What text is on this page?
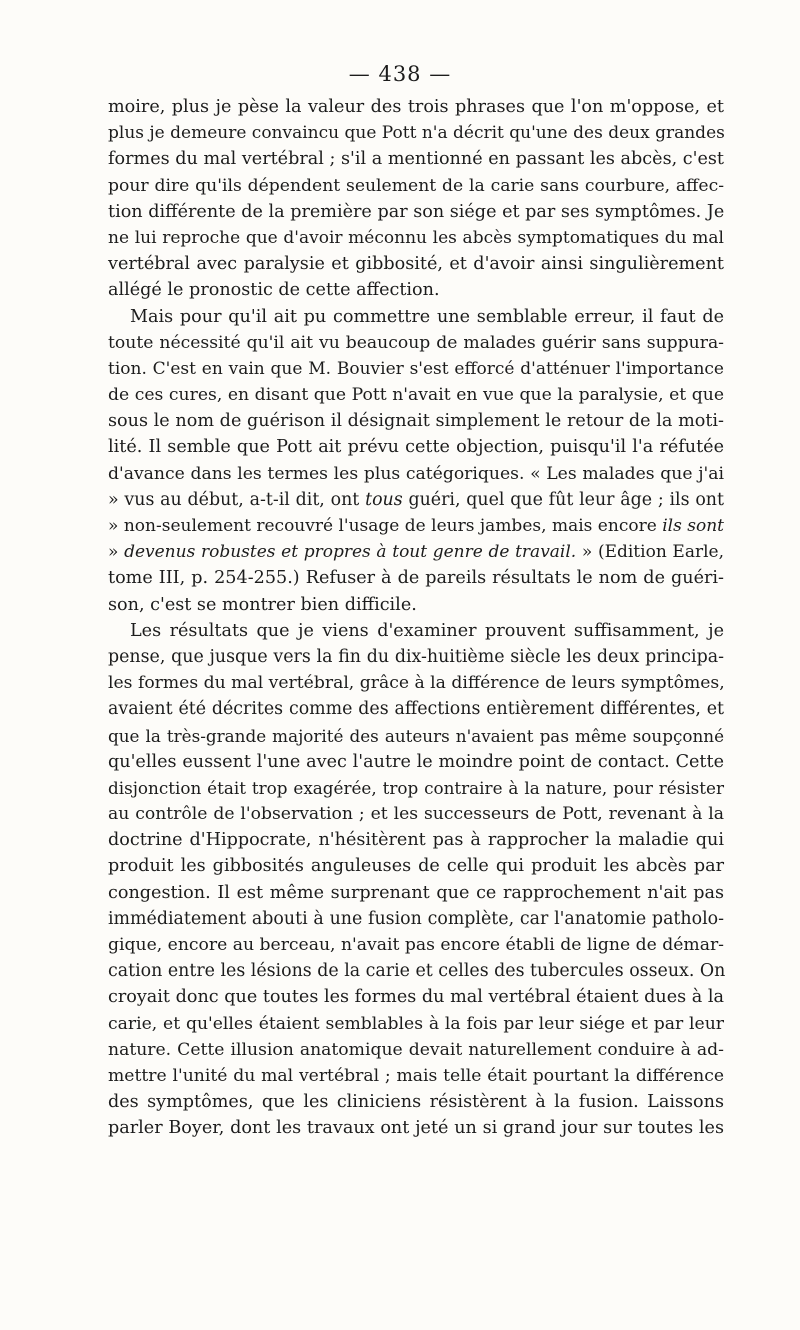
— 438 —
moire, plus je pèse la valeur des trois phrases que l'on m'oppose, et
plus je demeure convaincu que Pott n'a décrit qu'une des deux grandes
formes du mal vertébral ; s'il a mentionné en passant les abcès, c'est
pour dire qu'ils dépendent seulement de la carie sans courbure, affec-
tion différente de la première par son siége et par ses symptômes. Je
ne lui reproche que d'avoir méconnu les abcès symptomatiques du mal
vertébral avec paralysie et gibbosité, et d'avoir ainsi singulièrement
allégé le pronostic de cette affection.
Mais pour qu'il ait pu commettre une semblable erreur, il faut de
toute nécessité qu'il ait vu beaucoup de malades guérir sans suppura-
tion. C'est en vain que M. Bouvier s'est efforcé d'atténuer l'importance
de ces cures, en disant que Pott n'avait en vue que la paralysie, et que
sous le nom de guérison il désignait simplement le retour de la moti-
lité. Il semble que Pott ait prévu cette objection, puisqu'il l'a réfutée
d'avance dans les termes les plus catégoriques. « Les malades que j'ai
» vus au début, a-t-il dit, ont tous guéri, quel que fût leur âge ; ils ont
» non-seulement recouvré l'usage de leurs jambes, mais encore ils sont
» devenus robustes et propres à tout genre de travail. » (Edition Earle,
tome III, p. 254-255.) Refuser à de pareils résultats le nom de guéri-
son, c'est se montrer bien difficile.
Les résultats que je viens d'examiner prouvent suffisamment, je
pense, que jusque vers la fin du dix-huitième siècle les deux principa-
les formes du mal vertébral, grâce à la différence de leurs symptômes,
avaient été décrites comme des affections entièrement différentes, et
que la très-grande majorité des auteurs n'avaient pas même soupçonné
qu'elles eussent l'une avec l'autre le moindre point de contact. Cette
disjonction était trop exagérée, trop contraire à la nature, pour résister
au contrôle de l'observation ; et les successeurs de Pott, revenant à la
doctrine d'Hippocrate, n'hésitèrent pas à rapprocher la maladie qui
produit les gibbosités anguleuses de celle qui produit les abcès par
congestion. Il est même surprenant que ce rapprochement n'ait pas
immédiatement abouti à une fusion complète, car l'anatomie patholo-
gique, encore au berceau, n'avait pas encore établi de ligne de démar-
cation entre les lésions de la carie et celles des tubercules osseux. On
croyait donc que toutes les formes du mal vertébral étaient dues à la
carie, et qu'elles étaient semblables à la fois par leur siége et par leur
nature. Cette illusion anatomique devait naturellement conduire à ad-
mettre l'unité du mal vertébral ; mais telle était pourtant la différence
des symptômes, que les cliniciens résistèrent à la fusion. Laissons
parler Boyer, dont les travaux ont jeté un si grand jour sur toutes les
